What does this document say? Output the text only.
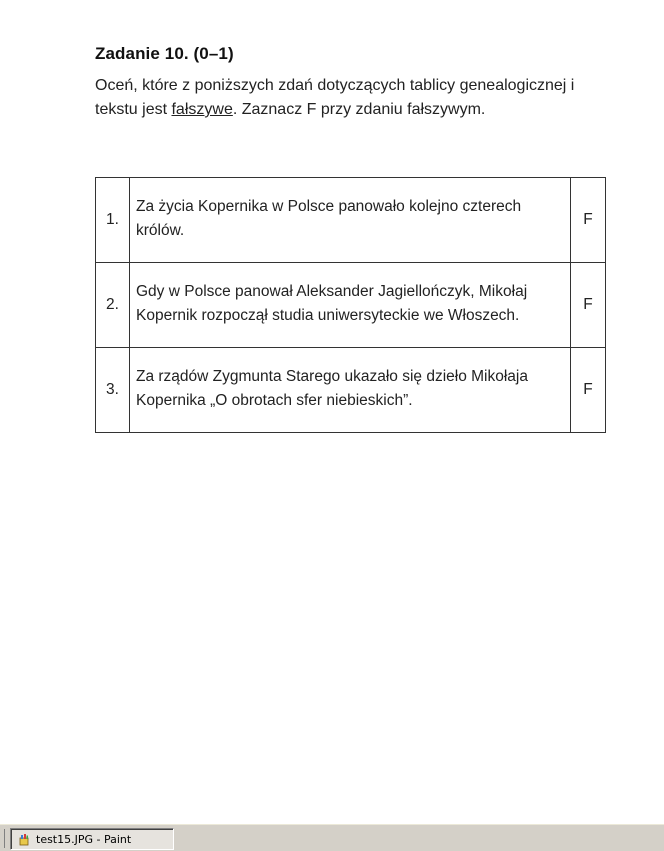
Zadanie 10. (0–1)
Oceń, które z poniższych zdań dotyczących tablicy genealogicznej i tekstu jest fałszywe. Zaznacz F przy zdaniu fałszywym.
1.	Za życia Kopernika w Polsce panowało kolejno czterech królów.	F
2.	Gdy w Polsce panował Aleksander Jagiellończyk, Mikołaj Kopernik rozpoczął studia uniwersyteckie we Włoszech.	F
3.	Za rządów Zygmunta Starego ukazało się dzieło Mikołaja Kopernika „O obrotach sfer niebieskich”.	F
test15.JPG - Paint
